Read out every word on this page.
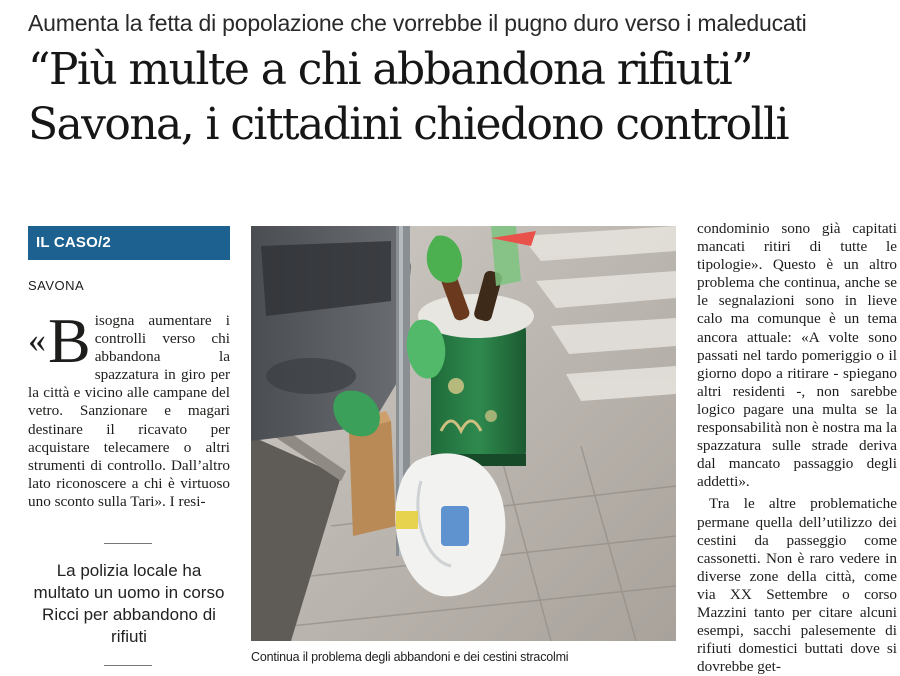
Aumenta la fetta di popolazione che vorrebbe il pugno duro verso i maleducati
“Più multe a chi abbandona rifiuti”
Savona, i cittadini chiedono controlli
IL CASO/2
SAVONA
« B isogna aumentare i controlli verso chi abbandona la spazzatura in giro per la città e vicino alle campane del vetro. Sanzionare e magari destinare il ricavato per acquistare telecamere o altri strumenti di controllo. Dall’altro lato riconoscere a chi è virtuoso uno sconto sulla Tari». I resi-
La polizia locale ha multato un uomo in corso Ricci per abbandono di rifiuti
Continua il problema degli abbandoni e dei cestini stracolmi

condominio sono già capitati mancati ritiri di tutte le tipologie». Questo è un altro problema che continua, anche se le segnalazioni sono in lieve calo ma comunque è un tema ancora attuale: «A volte sono passati nel tardo pomeriggio o il giorno dopo a ritirare - spiegano altri residenti -, non sarebbe logico pagare una multa se la responsabilità non è nostra ma la spazzatura sulle strade deriva dal mancato passaggio degli addetti».

Tra le altre problematiche permane quella dell’utilizzo dei cestini da passeggio come cassonetti. Non è raro vedere in diverse zone della città, come via XX Settembre o corso Mazzini tanto per citare alcuni esempi, sacchi palesemente di rifiuti domestici buttati dove si dovrebbe get-
